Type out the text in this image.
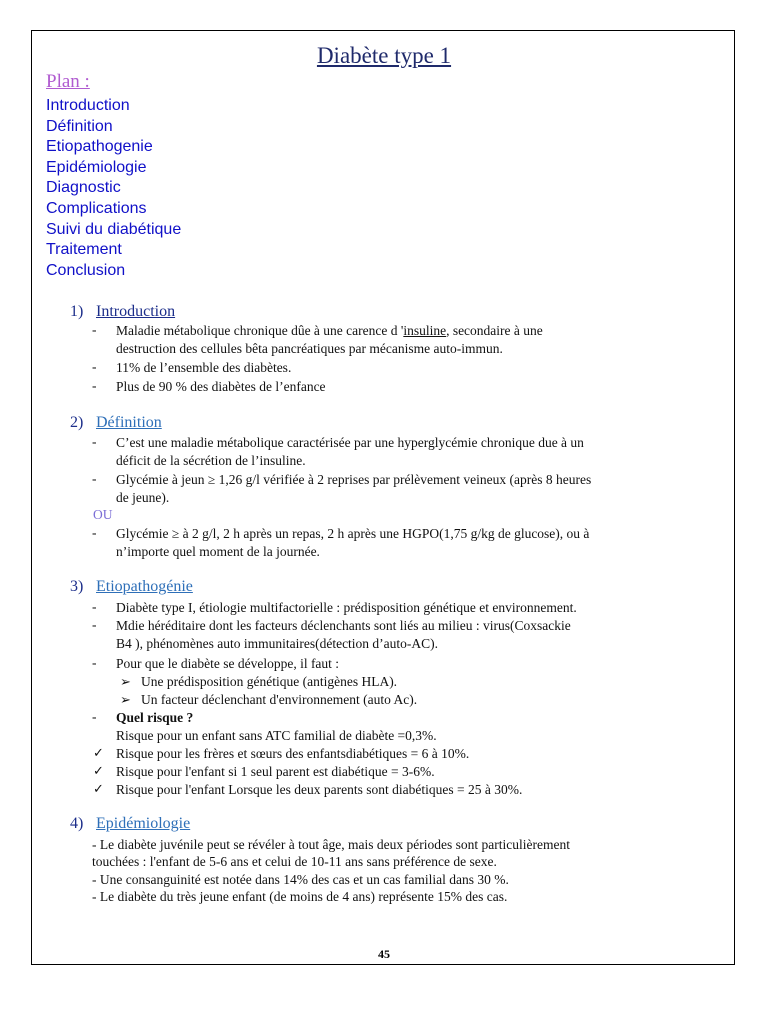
Diabète type 1
Plan :
Introduction
Définition
Etiopathogenie
Epidémiologie
Diagnostic
Complications
Suivi du diabétique
Traitement
Conclusion
1) Introduction
- Maladie métabolique chronique dûe à une carence d 'insuline, secondaire à une
destruction des cellules bêta pancréatiques par mécanisme auto-immun.
- 11% de l’ensemble des diabètes.
- Plus de 90 % des diabètes de l’enfance
2) Définition
- C’est une maladie métabolique caractérisée par une hyperglycémie chronique due à un
déficit de la sécrétion de l’insuline.
- Glycémie à jeun ≥ 1,26 g/l vérifiée à 2 reprises par prélèvement veineux (après 8 heures
de jeune).
OU
- Glycémie ≥ à 2 g/l, 2 h après un repas, 2 h après une HGPO(1,75 g/kg de glucose), ou à
n’importe quel moment de la journée.
3) Etiopathogénie
- Diabète type I, étiologie multifactorielle : prédisposition génétique et environnement.
- Mdie héréditaire dont les facteurs déclenchants sont liés au milieu : virus(Coxsackie
B4 ), phénomènes auto immunitaires(détection d’auto-AC).
- Pour que le diabète se développe, il faut :
➢ Une prédisposition génétique (antigènes HLA).
➢ Un facteur déclenchant d'environnement (auto Ac).
- Quel risque ?
Risque pour un enfant sans ATC familial de diabète =0,3%.
✓ Risque pour les frères et sœurs des enfantsdiabétiques = 6 à 10%.
✓ Risque pour l'enfant si 1 seul parent est diabétique = 3-6%.
✓ Risque pour l'enfant Lorsque les deux parents sont diabétiques = 25 à 30%.
4) Epidémiologie
- Le diabète juvénile peut se révéler à tout âge, mais deux périodes sont particulièrement
touchées : l'enfant de 5-6 ans et celui de 10-11 ans sans préférence de sexe.
- Une consanguinité est notée dans 14% des cas et un cas familial dans 30 %.
- Le diabète du très jeune enfant (de moins de 4 ans) représente 15% des cas.
45
